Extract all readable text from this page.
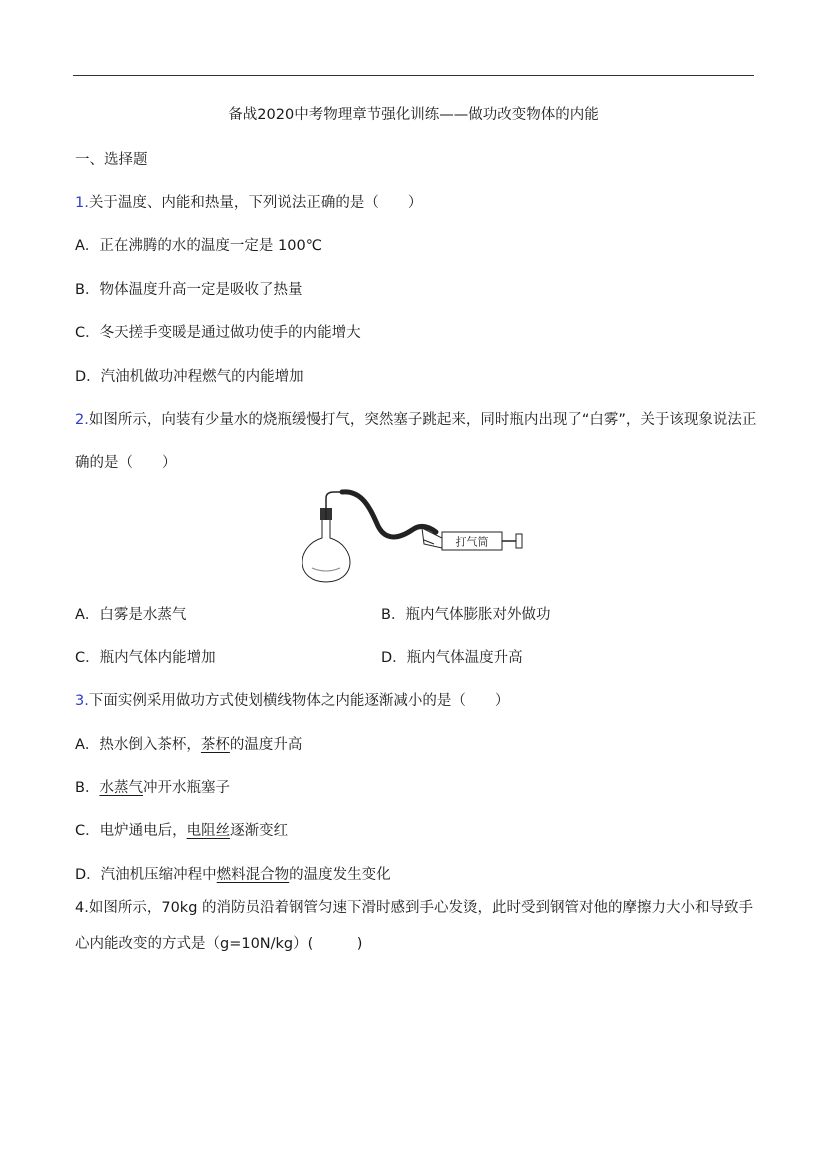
备战2020中考物理章节强化训练——做功改变物体的内能
一、选择题
1.关于温度、内能和热量，下列说法正确的是（　　）
A．正在沸腾的水的温度一定是 100℃
B．物体温度升高一定是吸收了热量
C．冬天搓手变暖是通过做功使手的内能增大
D．汽油机做功冲程燃气的内能增加
2.如图所示，向装有少量水的烧瓶缓慢打气，突然塞子跳起来，同时瓶内出现了“白雾”，关于该现象说法正
确的是（　　）
打气筒
A．白雾是水蒸气	B．瓶内气体膨胀对外做功
C．瓶内气体内能增加	D．瓶内气体温度升高
3.下面实例采用做功方式使划横线物体之内能逐渐减小的是（　　）
A．热水倒入茶杯，茶杯的温度升高
B．水蒸气冲开水瓶塞子
C．电炉通电后，电阻丝逐渐变红
D．汽油机压缩冲程中燃料混合物的温度发生变化
4.如图所示，70kg 的消防员沿着钢管匀速下滑时感到手心发烫，此时受到钢管对他的摩擦力大小和导致手
心内能改变的方式是（g=10N/kg）(　　　)
